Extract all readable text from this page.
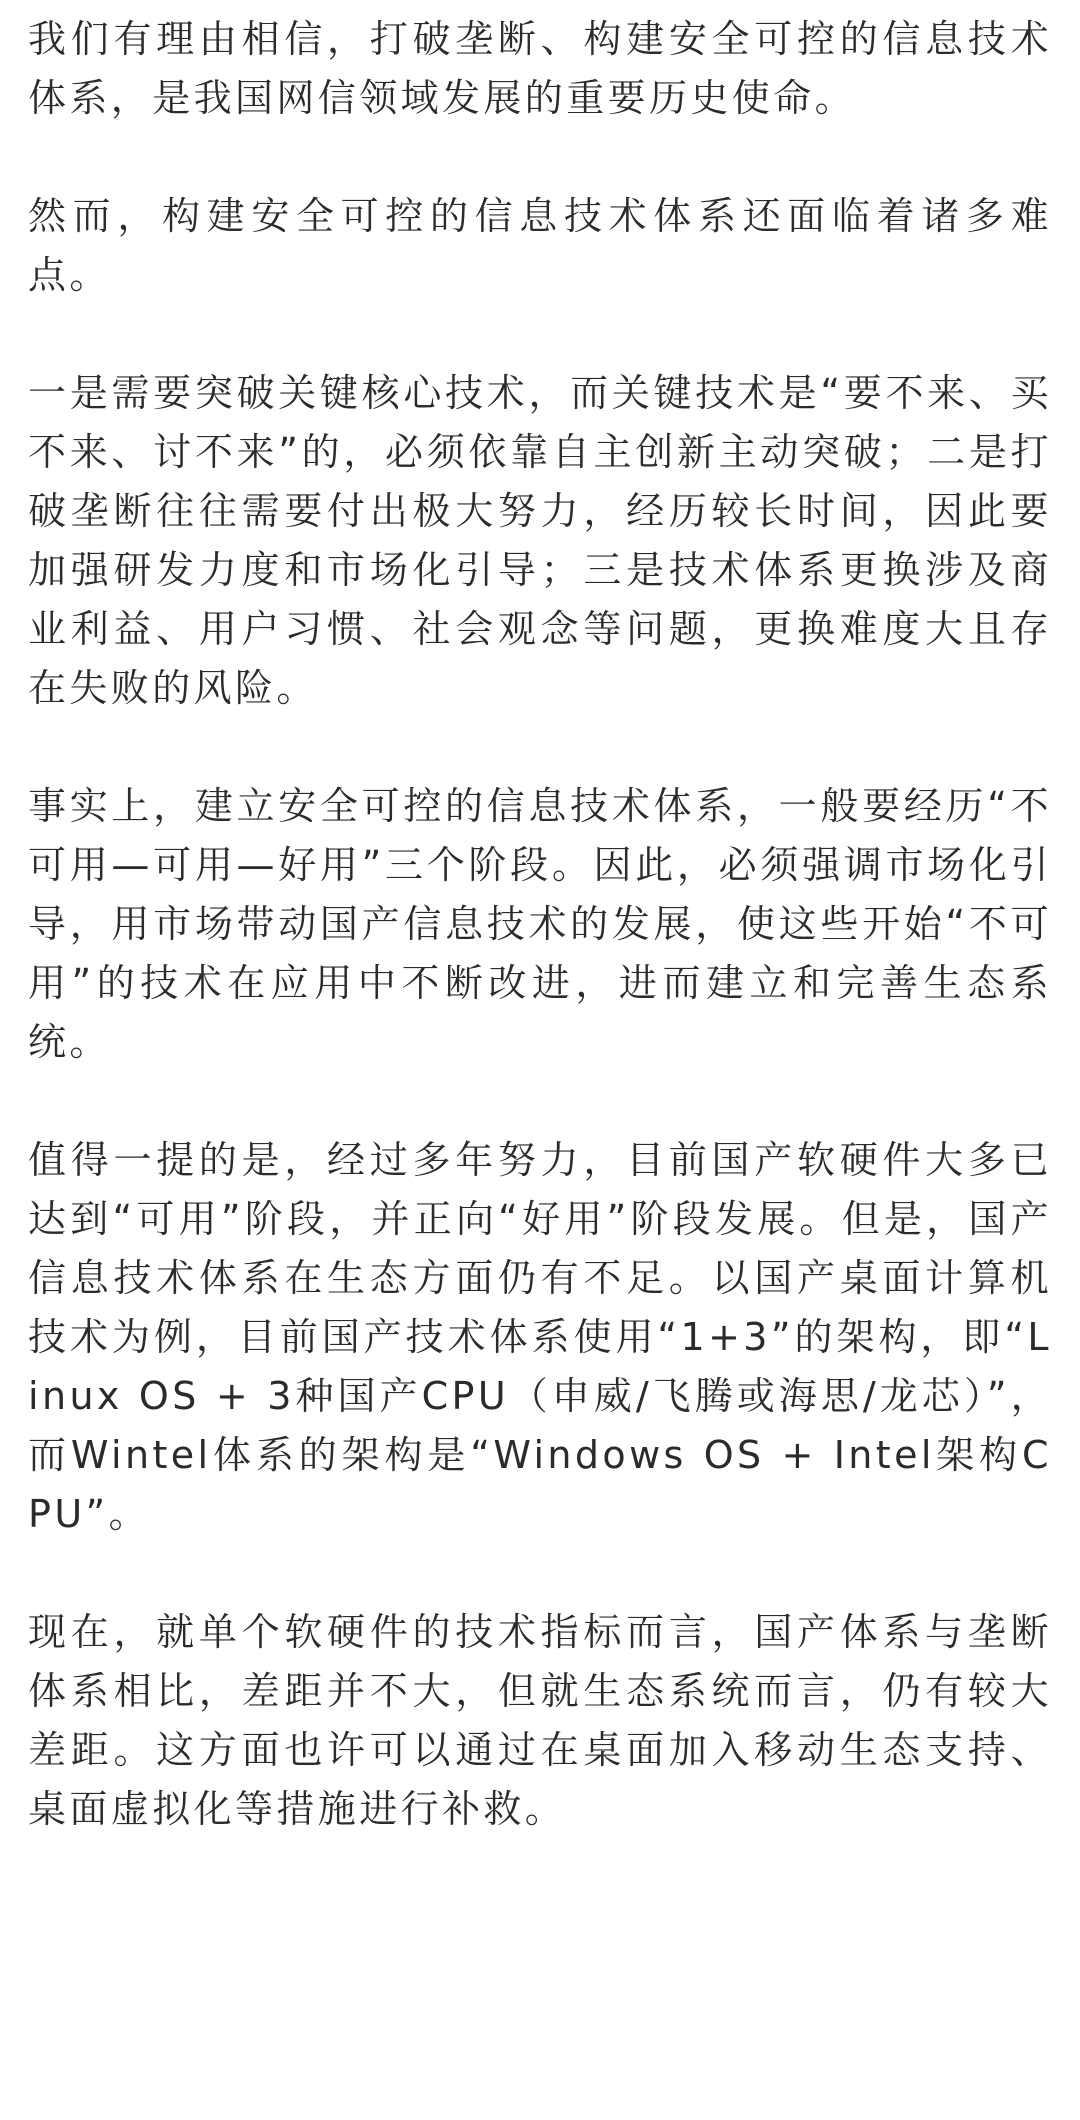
我们有理由相信，打破垄断、构建安全可控的信息技术体系，是我国网信领域发展的重要历史使命。

然而，构建安全可控的信息技术体系还面临着诸多难点。

一是需要突破关键核心技术，而关键技术是“要不来、买不来、讨不来”的，必须依靠自主创新主动突破；二是打破垄断往往需要付出极大努力，经历较长时间，因此要加强研发力度和市场化引导；三是技术体系更换涉及商业利益、用户习惯、社会观念等问题，更换难度大且存在失败的风险。

事实上，建立安全可控的信息技术体系，一般要经历“不可用—可用—好用”三个阶段。因此，必须强调市场化引导，用市场带动国产信息技术的发展，使这些开始“不可用”的技术在应用中不断改进，进而建立和完善生态系统。

值得一提的是，经过多年努力，目前国产软硬件大多已达到“可用”阶段，并正向“好用”阶段发展。但是，国产信息技术体系在生态方面仍有不足。以国产桌面计算机技术为例，目前国产技术体系使用“1+3”的架构，即“Linux OS + 3种国产CPU（申威/飞腾或海思/龙芯）”，而Wintel体系的架构是“Windows OS + Intel架构CPU”。

现在，就单个软硬件的技术指标而言，国产体系与垄断体系相比，差距并不大，但就生态系统而言，仍有较大差距。这方面也许可以通过在桌面加入移动生态支持、桌面虚拟化等措施进行补救。
